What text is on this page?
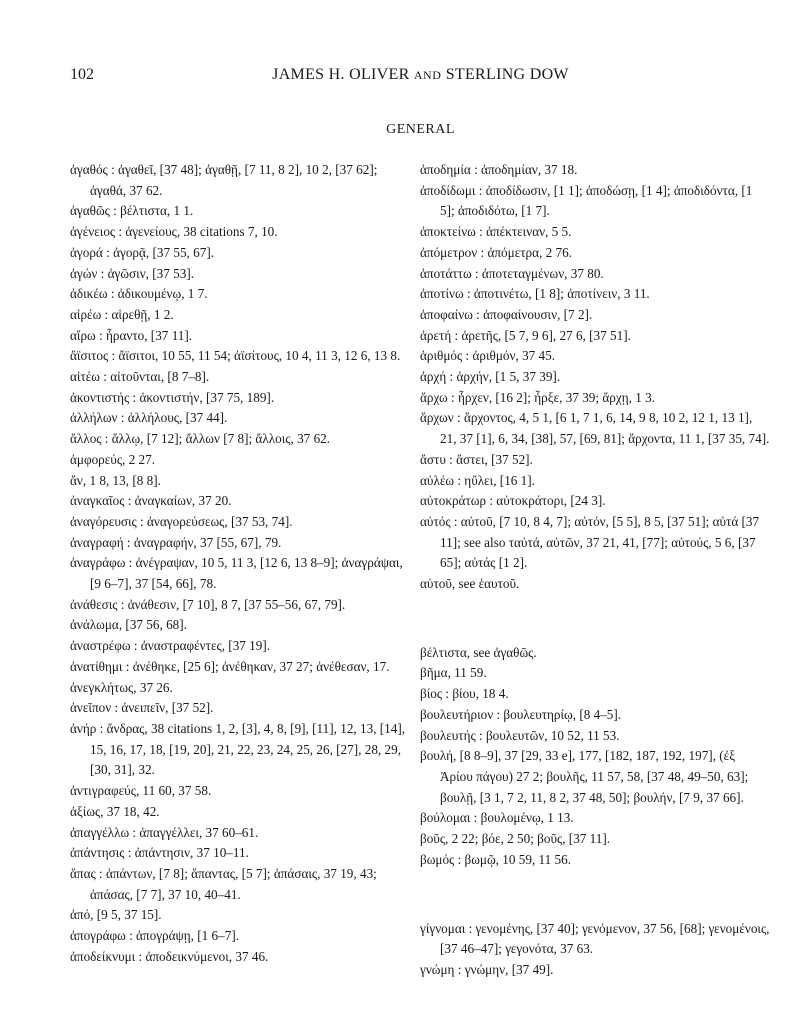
102	JAMES H. OLIVER AND STERLING DOW
GENERAL
ἀγαθός : ἀγαθεῖ, [37 48]; ἀγαθῇ, [7 11, 8 2], 10 2, [37 62]; ἀγαθά, 37 62.
ἀγαθῶς : βέλτιστα, 1 1.
ἀγένειος : ἀγενείους, 38 citations 7, 10.
ἀγορά : ἀγορᾷ, [37 55, 67].
ἀγών : ἀγῶσιν, [37 53].
ἀδικέω : ἀδικουμένῳ, 1 7.
αἱρέω : αἱρεθῇ, 1 2.
αἴρω : ἦραντο, [37 11].
ἄϊσιτος : ἄϊσιτοι, 10 55, 11 54; ἀϊσίτους, 10 4, 11 3, 12 6, 13 8.
αἰτέω : αἰτοῦνται, [8 7–8].
ἀκοντιστής : ἀκοντιστήν, [37 75, 189].
ἀλλήλων : ἀλλήλους, [37 44].
ἄλλος : ἄλλῳ, [7 12]; ἄλλων [7 8]; ἄλλοις, 37 62.
ἀμφορεύς, 2 27.
ἄν, 1 8, 13, [8 8].
ἀναγκαῖος : ἀναγκαίων, 37 20.
ἀναγόρευσις : ἀναγορεύσεως, [37 53, 74].
ἀναγραφή : ἀναγραφήν, 37 [55, 67], 79.
ἀναγράφω : ἀνέγραψαν, 10 5, 11 3, [12 6, 13 8–9]; ἀναγράψαι, [9 6–7], 37 [54, 66], 78.
ἀνάθεσις : ἀνάθεσιν, [7 10], 8 7, [37 55–56, 67, 79].
ἀνάλωμα, [37 56, 68].
ἀναστρέφω : ἀναστραφέντες, [37 19].
ἀνατίθημι : ἀνέθηκε, [25 6]; ἀνέθηκαν, 37 27; ἀνέθεσαν, 17.
ἀνεγκλήτως, 37 26.
ἀνεῖπον : ἀνειπεῖν, [37 52].
ἀνήρ : ἄνδρας, 38 citations 1, 2, [3], 4, 8, [9], [11], 12, 13, [14], 15, 16, 17, 18, [19, 20], 21, 22, 23, 24, 25, 26, [27], 28, 29, [30, 31], 32.
ἀντιγραφεύς, 11 60, 37 58.
ἀξίως, 37 18, 42.
ἀπαγγέλλω : ἀπαγγέλλει, 37 60–61.
ἀπάντησις : ἀπάντησιν, 37 10–11.
ἅπας : ἁπάντων, [7 8]; ἅπαντας, [5 7]; ἁπάσαις, 37 19, 43; ἁπάσας, [7 7], 37 10, 40–41.
ἀπό, [9 5, 37 15].
ἀπογράφω : ἀπογράψῃ, [1 6–7].
ἀποδείκνυμι : ἀποδεικνύμενοι, 37 46.
ἀποδημία : ἀποδημίαν, 37 18.
ἀποδίδωμι : ἀποδίδωσιν, [1 1]; ἀποδώσῃ, [1 4]; ἀποδιδόντα, [1 5]; ἀποδιδότω, [1 7].
ἀποκτείνω : ἀπέκτειναν, 5 5.
ἀπόμετρον : ἀπόμετρα, 2 76.
ἀποτάττω : ἀποτεταγμένων, 37 80.
ἀποτίνω : ἀποτινέτω, [1 8]; ἀποτίνειν, 3 11.
ἀποφαίνω : ἀποφαίνουσιν, [7 2].
ἀρετή : ἀρετῆς, [5 7, 9 6], 27 6, [37 51].
ἀριθμός : ἀριθμόν, 37 45.
ἀρχή : ἀρχήν, [1 5, 37 39].
ἄρχω : ἦρχεν, [16 2]; ἦρξε, 37 39; ἄρχῃ, 1 3.
ἄρχων : ἄρχοντος, 4, 5 1, [6 1, 7 1, 6, 14, 9 8, 10 2, 12 1, 13 1], 21, 37 [1], 6, 34, [38], 57, [69, 81]; ἄρχοντα, 11 1, [37 35, 74].
ἄστυ : ἄστει, [37 52].
αὐλέω : ηὔλει, [16 1].
αὐτοκράτωρ : αὐτοκράτορι, [24 3].
αὐτός : αὐτοῦ, [7 10, 8 4, 7]; αὐτόν, [5 5], 8 5, [37 51]; αὐτά [37 11]; see also ταὐτά, αὐτῶν, 37 21, 41, [77]; αὐτούς, 5 6, [37 65]; αὐτάς [1 2].
αὑτοῦ, see ἑαυτοῦ.
βέλτιστα, see ἀγαθῶς.
βῆμα, 11 59.
βίος : βίου, 18 4.
βουλευτήριον : βουλευτηρίῳ, [8 4–5].
βουλευτής : βουλευτῶν, 10 52, 11 53.
βουλή, [8 8–9], 37 [29, 33 e], 177, [182, 187, 192, 197], (ἐξ Ἀρίου πάγου) 27 2; βουλῆς, 11 57, 58, [37 48, 49–50, 63]; βουλῇ, [3 1, 7 2, 11, 8 2, 37 48, 50]; βουλήν, [7 9, 37 66].
βούλομαι : βουλομένῳ, 1 13.
βοῦς, 2 22; βόε, 2 50; βοῦς, [37 11].
βωμός : βωμῷ, 10 59, 11 56.
γίγνομαι : γενομένης, [37 40]; γενόμενον, 37 56, [68]; γενομένοις, [37 46–47]; γεγονότα, 37 63.
γνώμη : γνώμην, [37 49].
